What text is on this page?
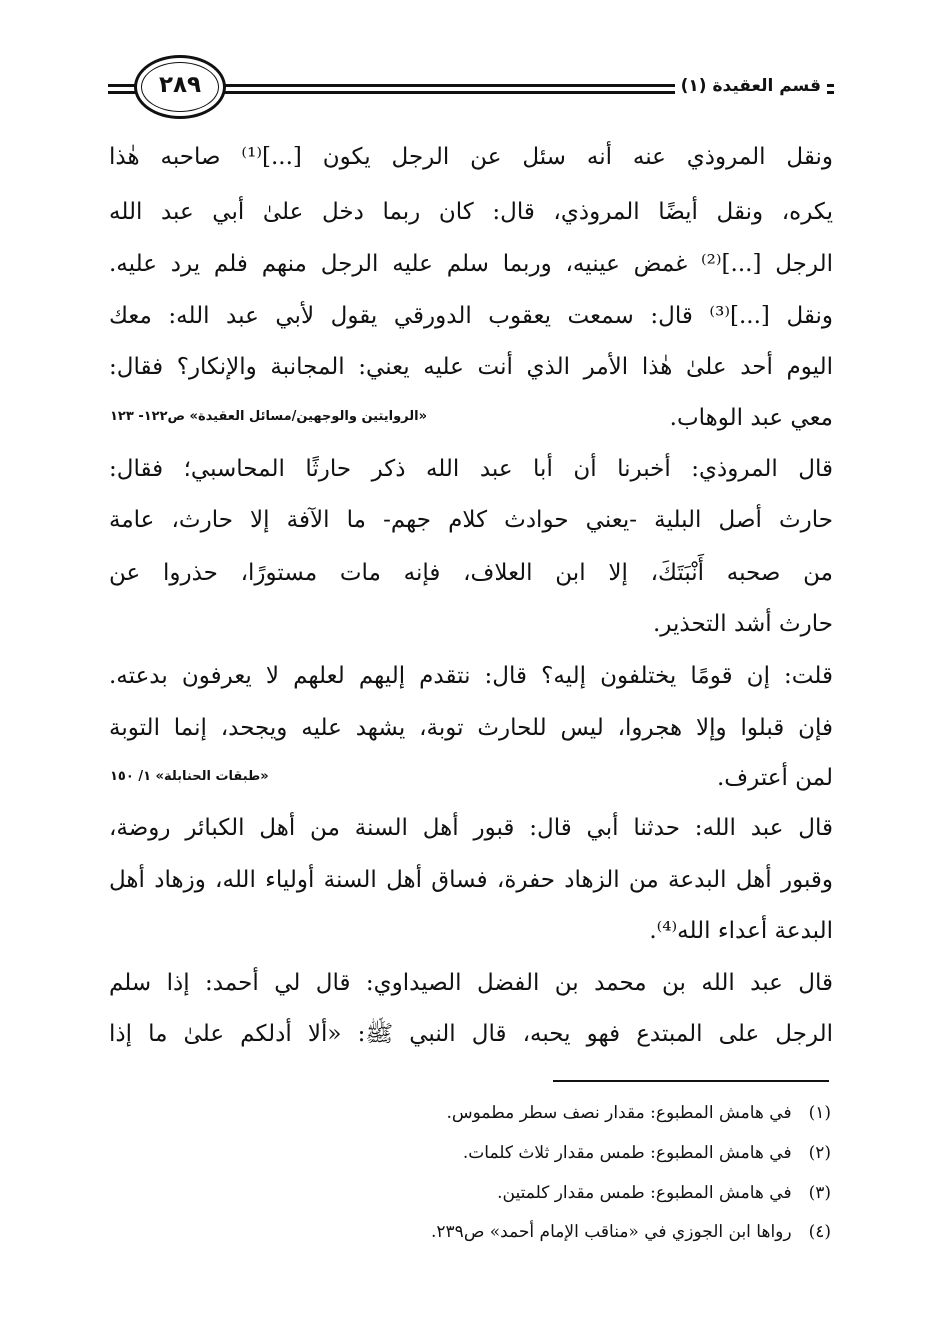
٢٨٩	قسم العقيدة (١)
ونقل المروذي عنه أنه سئل عن الرجل يكون [...]⁽¹⁾ صاحبه هٰذا
يكره، ونقل أيضًا المروذي، قال: كان ربما دخل علىٰ أبي عبد الله
الرجل [...]⁽²⁾ غمض عينيه، وربما سلم عليه الرجل منهم فلم يرد عليه.
ونقل [...]⁽³⁾ قال: سمعت يعقوب الدورقي يقول لأبي عبد الله: معك
اليوم أحد علىٰ هٰذا الأمر الذي أنت عليه يعني: المجانبة والإنكار؟ فقال:
معي عبد الوهاب.
«الروايتين والوجهين/مسائل العقيدة» ص١٢٢- ١٢٣
قال المروذي: أخبرنا أن أبا عبد الله ذكر حارثًا المحاسبي؛ فقال:
حارث أصل البلية -يعني حوادث كلام جهم- ما الآفة إلا حارث، عامة
من صحبه أَنْبَتَكَ، إلا ابن العلاف، فإنه مات مستورًا، حذروا عن
حارث أشد التحذير.
قلت: إن قومًا يختلفون إليه؟ قال: نتقدم إليهم لعلهم لا يعرفون بدعته.
فإن قبلوا وإلا هجروا، ليس للحارث توبة، يشهد عليه ويجحد، إنما التوبة
لمن أعترف.
«طبقات الحنابلة» ١/ ١٥٠
قال عبد الله: حدثنا أبي قال: قبور أهل السنة من أهل الكبائر روضة،
وقبور أهل البدعة من الزهاد حفرة، فساق أهل السنة أولياء الله، وزهاد أهل
البدعة أعداء الله⁽⁴⁾.
قال عبد الله بن محمد بن الفضل الصيداوي: قال لي أحمد: إذا سلم
الرجل على المبتدع فهو يحبه، قال النبي ﷺ: «ألا أدلكم علىٰ ما إذا
(١) في هامش المطبوع: مقدار نصف سطر مطموس.
(٢) في هامش المطبوع: طمس مقدار ثلاث كلمات.
(٣) في هامش المطبوع: طمس مقدار كلمتين.
(٤) رواها ابن الجوزي في «مناقب الإمام أحمد» ص٢٣٩.
